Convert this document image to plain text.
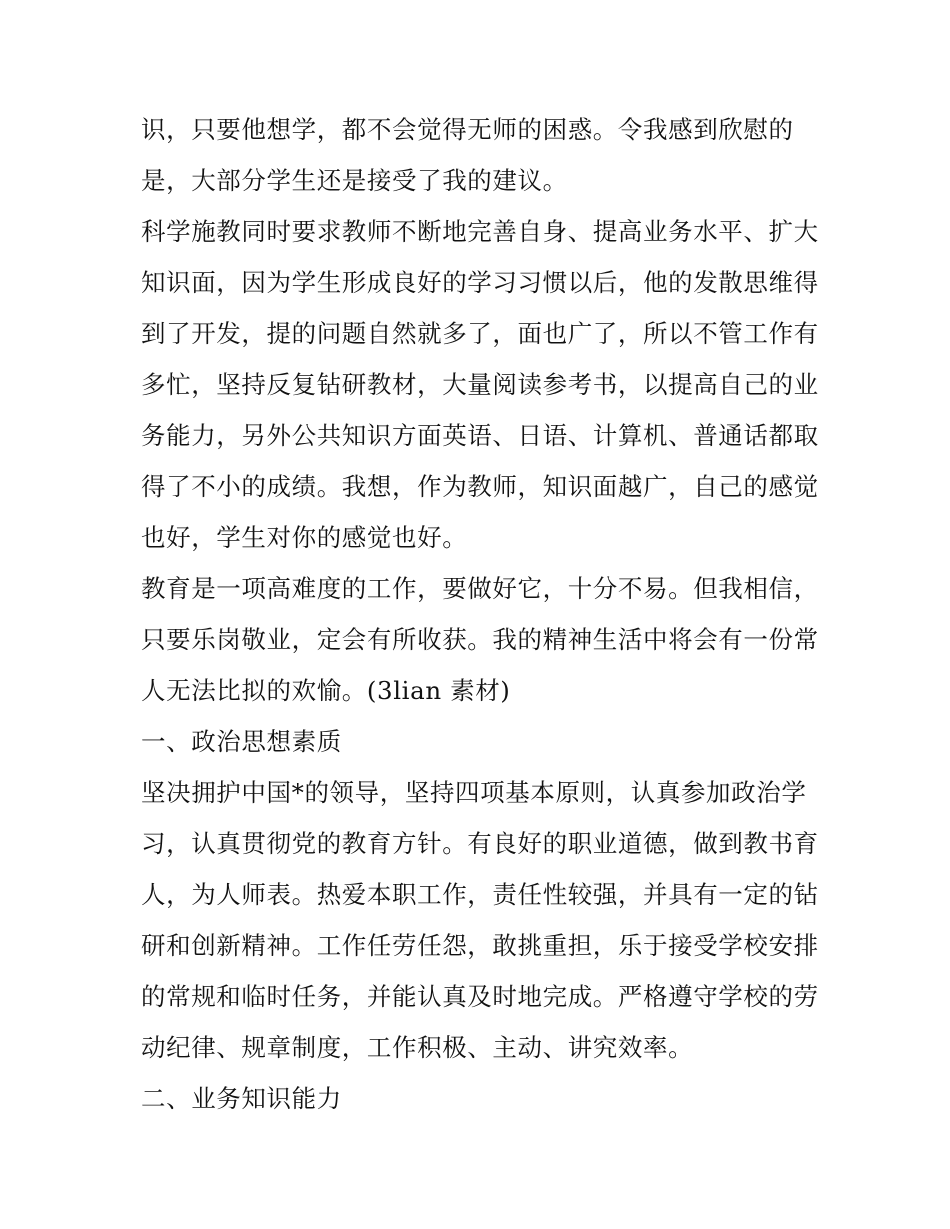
识，只要他想学，都不会觉得无师的困惑。令我感到欣慰的是，大部分学生还是接受了我的建议。

科学施教同时要求教师不断地完善自身、提高业务水平、扩大知识面，因为学生形成良好的学习习惯以后，他的发散思维得到了开发，提的问题自然就多了，面也广了，所以不管工作有多忙，坚持反复钻研教材，大量阅读参考书，以提高自己的业务能力，另外公共知识方面英语、日语、计算机、普通话都取得了不小的成绩。我想，作为教师，知识面越广，自己的感觉也好，学生对你的感觉也好。

教育是一项高难度的工作，要做好它，十分不易。但我相信，只要乐岗敬业，定会有所收获。我的精神生活中将会有一份常人无法比拟的欢愉。(3lian 素材)

一、政治思想素质

坚决拥护中国*的领导，坚持四项基本原则，认真参加政治学习，认真贯彻党的教育方针。有良好的职业道德，做到教书育人，为人师表。热爱本职工作，责任性较强，并具有一定的钻研和创新精神。工作任劳任怨，敢挑重担，乐于接受学校安排的常规和临时任务，并能认真及时地完成。严格遵守学校的劳动纪律、规章制度，工作积极、主动、讲究效率。

二、业务知识能力
